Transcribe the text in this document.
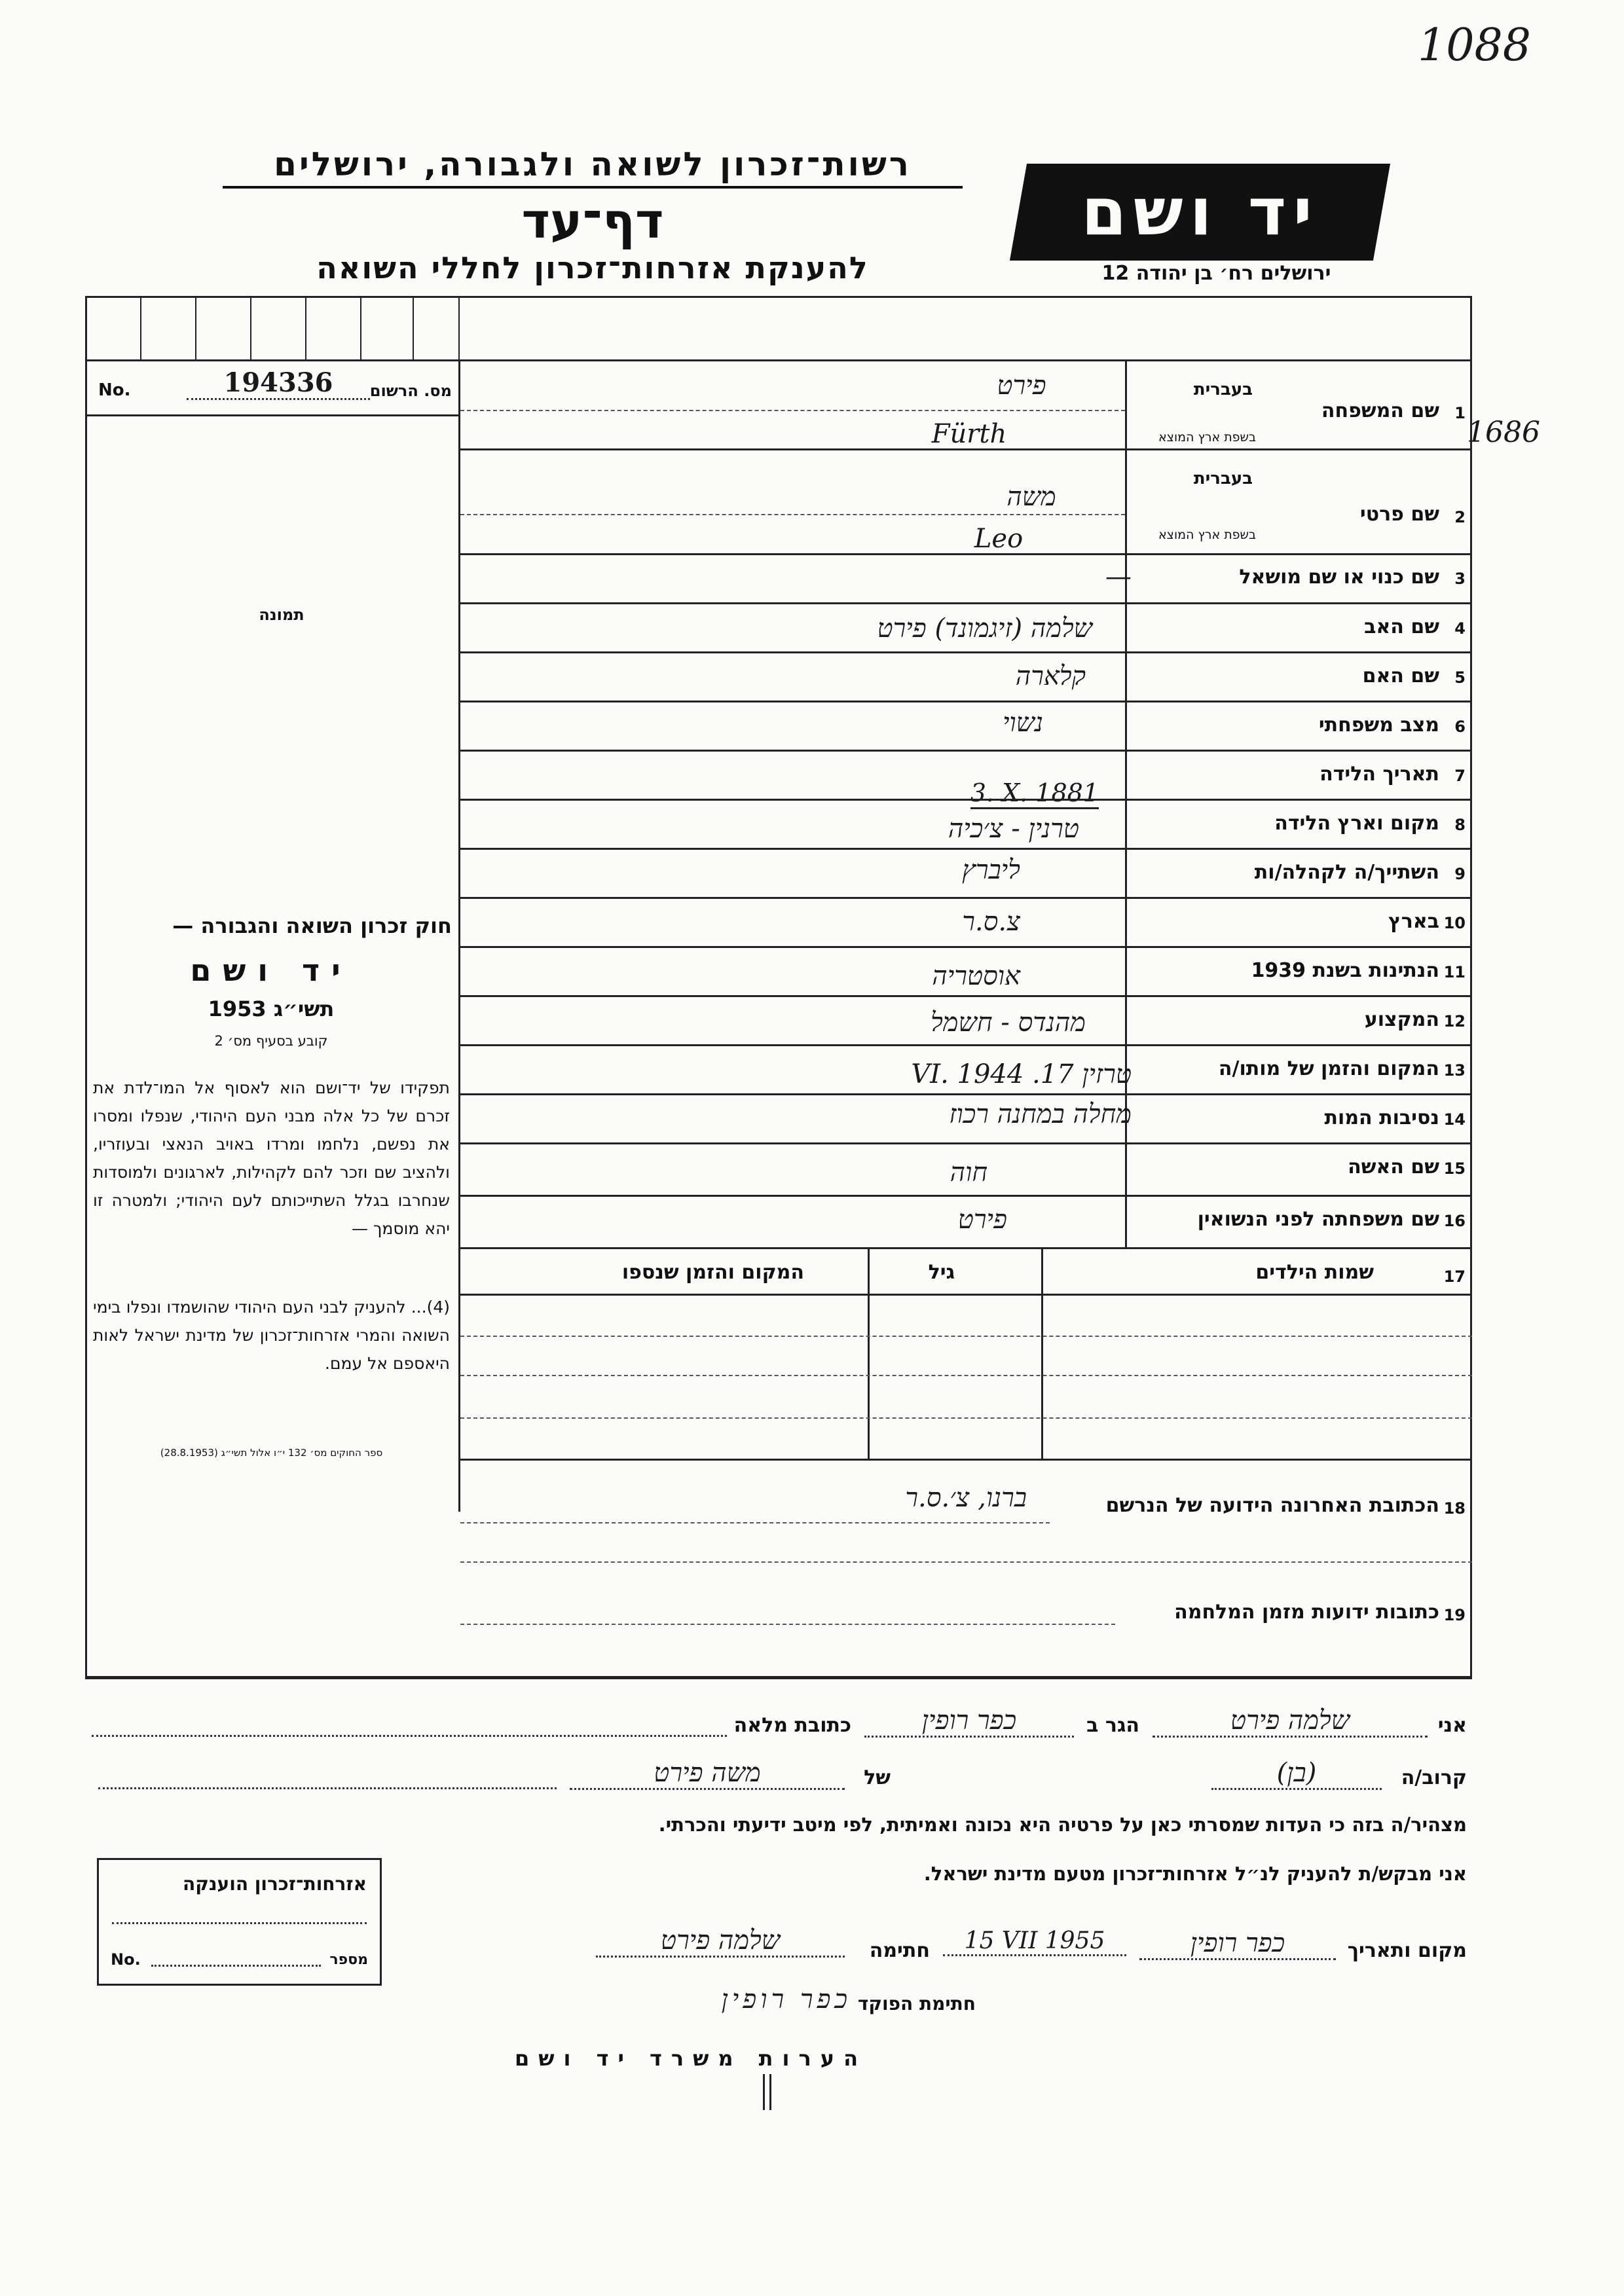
1088
1686
רשות־זכרון לשואה ולגבורה, ירושלים
דף־עד
להענקת אזרחות־זכרון לחללי השואה
יד ושם
ירושלים רח׳ בן יהודה 12
No.	194336	מס. הרשום
תמונה
חוק זכרון השואה והגבורה —
יד ושם
תשי״ג 1953
קובע בסעיף מס׳ 2
תפקידו של יד־ושם הוא לאסוף אל המו־לדת את זכרם של כל אלה מבני העם היהודי, שנפלו ומסרו את נפשם, נלחמו ומרדו באויב הנאצי ובעוזריו, ולהציב שם וזכר להם לקהילות, לארגונים ולמוסדות שנחרבו בגלל השתייכותם לעם היהודי; ולמטרה זו יהא מוסמך —
(4)... להעניק לבני העם היהודי שהושמדו ונפלו בימי השואה והמרי אזרחות־זכרון של מדינת ישראל לאות היאספם אל עמם.
ספר החוקים מס׳ 132 י״ו אלול תשי״ג (28.8.1953)
1
שם המשפחה
בעברית
בשפת ארץ המוצא
פירט
Fürth
2
שם פרטי
בעברית
בשפת ארץ המוצא
משה
Leo
3
שם כנוי או שם מושאל
—
4
שם האב
שלמה (זיגמונד) פירט
5
שם האם
קלארה
6
מצב משפחתי
נשוי
7
תאריך הלידה
3. X. 1881
8
מקום וארץ הלידה
טרנין - צ׳כיה
9
השתייך/ה לקהלה/ות
ליברץ
10
בארץ
צ.ס.ר
11
הנתינות בשנת 1939
אוסטריה
12
המקצוע
מהנדס - חשמל
13
המקום והזמן של מותו/ה
טרזין 17. VI. 1944
14
נסיבות המות
מחלה במחנה רכוז
15
שם האשה
חוה
16
שם משפחתה לפני הנשואין
פירט
17
שמות הילדים
גיל
המקום והזמן שנספו
18
הכתובת האחרונה הידועה של הנרשם
ברנו, צ׳.ס.ר
19
כתובות ידועות מזמן המלחמה
אני
שלמה פירט
הגר ב
כפר רופין
כתובת מלאה
קרוב/ה
(בן)
של
משה פירט
מצהיר/ה בזה כי העדות שמסרתי כאן על פרטיה היא נכונה ואמיתית, לפי מיטב ידיעתי והכרתי.
אני מבקש/ת להעניק לנ״ל אזרחות־זכרון מטעם מדינת ישראל.
אזרחות־זכרון הוענקה
No.	מספר	מקום ותאריך
כפר רופין
15 VII 1955
חתימה
שלמה פירט
חתימת הפוקד
כפר רופין
הערות משרד יד ושם
